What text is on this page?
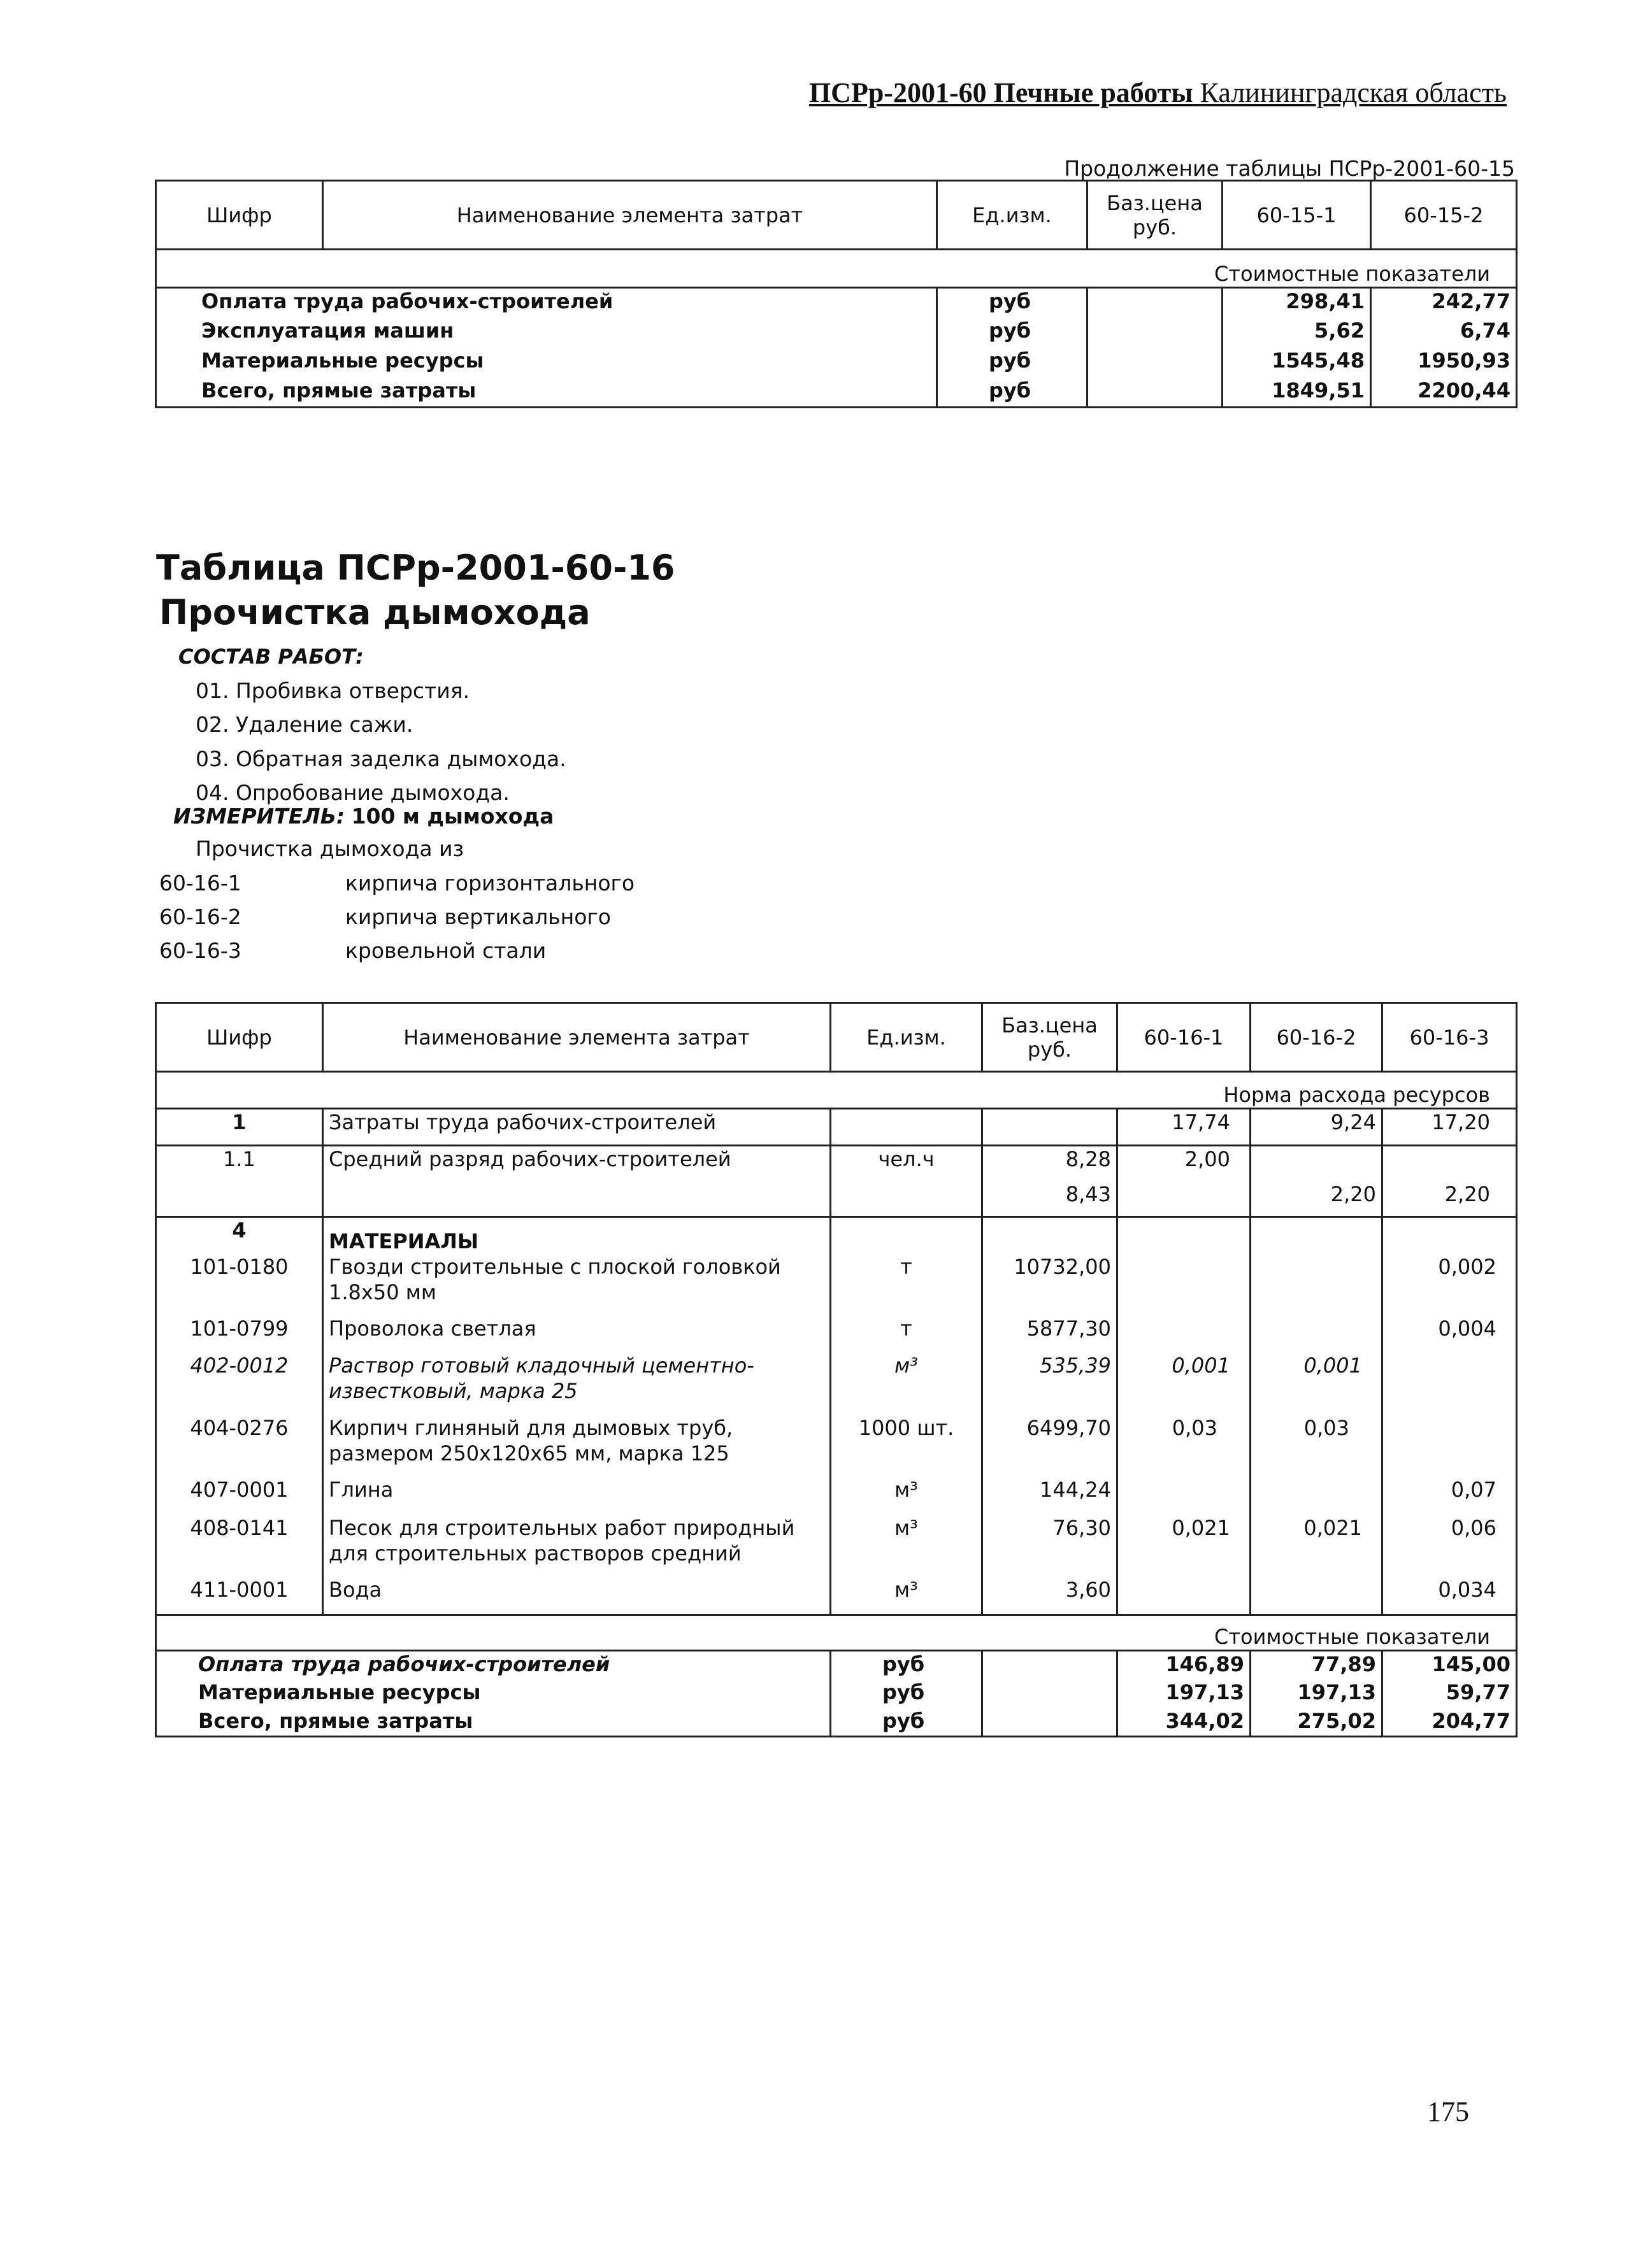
ПСРр-2001-60 Печные работы Калининградская область
Продолжение таблицы ПСРр-2001-60-15
Шифр	Наименование элемента затрат	Ед.изм.	Баз.цена руб.	60-15-1	60-15-2
Стоимостные показатели					
Оплата труда рабочих-строителей		руб		298,41	242,77
Эксплуатация машин		руб		5,62	6,74
Материальные ресурсы		руб		1545,48	1950,93
Всего, прямые затраты		руб		1849,51	2200,44
Таблица ПСРр-2001-60-16
Прочистка дымохода
СОСТАВ РАБОТ:
01. Пробивка отверстия.
02. Удаление сажи.
03. Обратная заделка дымохода.
04. Опробование дымохода.
ИЗМЕРИТЕЛЬ: 100 м дымохода
Прочистка дымохода из
60-16-1	кирпича горизонтального
60-16-2	кирпича вертикального
60-16-3	кровельной стали
Шифр	Наименование элемента затрат	Ед.изм.	Баз.цена руб.	60-16-1	60-16-2	60-16-3
Норма расхода ресурсов						
1	Затраты труда рабочих-строителей			17,74	9,24	17,20
1.1	Средний разряд рабочих-строителей	чел.ч	8,28	2,00		
			8,43		2,20	2,20
4	МАТЕРИАЛЫ					
101-0180	Гвозди строительные с плоской головкой 1.8x50 мм	т	10732,00			0,002
101-0799	Проволока светлая	т	5877,30			0,004
402-0012	Раствор готовый кладочный цементно-известковый, марка 25	м³	535,39	0,001	0,001	
404-0276	Кирпич глиняный для дымовых труб, размером 250x120x65 мм, марка 125	1000 шт.	6499,70	0,03	0,03	
407-0001	Глина	м³	144,24			0,07
408-0141	Песок для строительных работ природный для строительных растворов средний	м³	76,30	0,021	0,021	0,06
411-0001	Вода	м³	3,60			0,034
Стоимостные показатели						
Оплата труда рабочих-строителей		руб		146,89	77,89	145,00
Материальные ресурсы		руб		197,13	197,13	59,77
Всего, прямые затраты		руб		344,02	275,02	204,77
175
